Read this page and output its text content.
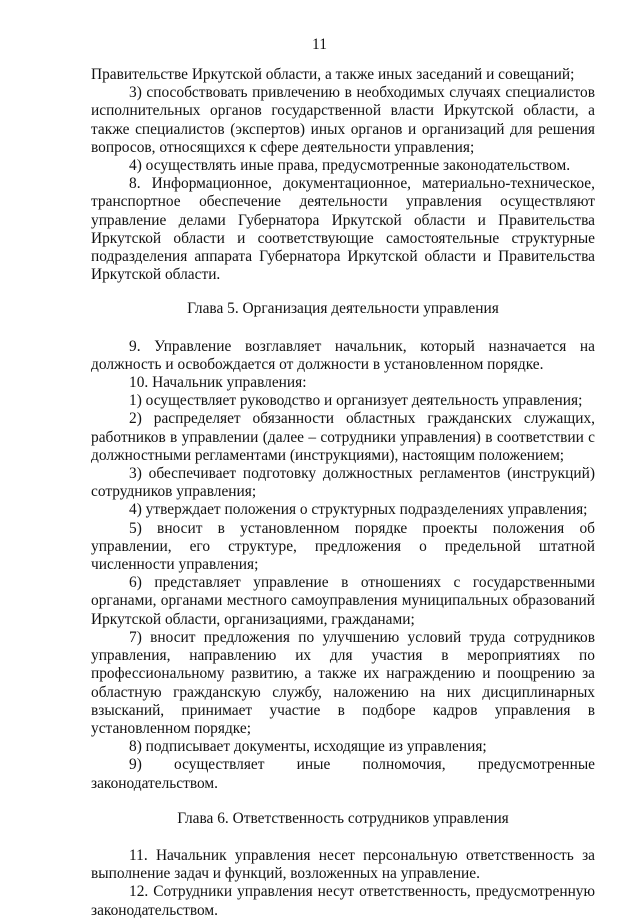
11

Правительстве Иркутской области, а также иных заседаний и совещаний;

3) способствовать привлечению в необходимых случаях специалистов исполнительных органов государственной власти Иркутской области, а также специалистов (экспертов) иных органов и организаций для решения вопросов, относящихся к сфере деятельности управления;

4) осуществлять иные права, предусмотренные законодательством.

8. Информационное, документационное, материально-техническое, транспортное обеспечение деятельности управления осуществляют управление делами Губернатора Иркутской области и Правительства Иркутской области и соответствующие самостоятельные структурные подразделения аппарата Губернатора Иркутской области и Правительства Иркутской области.

Глава 5. Организация деятельности управления

9. Управление возглавляет начальник, который назначается на должность и освобождается от должности в установленном порядке.

10. Начальник управления:

1) осуществляет руководство и организует деятельность управления;

2) распределяет обязанности областных гражданских служащих, работников в управлении (далее – сотрудники управления) в соответствии с должностными регламентами (инструкциями), настоящим положением;

3) обеспечивает подготовку должностных регламентов (инструкций) сотрудников управления;

4) утверждает положения о структурных подразделениях управления;

5) вносит в установленном порядке проекты положения об управлении, его структуре, предложения о предельной штатной численности управления;

6) представляет управление в отношениях с государственными органами, органами местного самоуправления муниципальных образований Иркутской области, организациями, гражданами;

7) вносит предложения по улучшению условий труда сотрудников управления, направлению их для участия в мероприятиях по профессиональному развитию, а также их награждению и поощрению за областную гражданскую службу, наложению на них дисциплинарных взысканий, принимает участие в подборе кадров управления в установленном порядке;

8) подписывает документы, исходящие из управления;

9) осуществляет иные полномочия, предусмотренные законодательством.

Глава 6. Ответственность сотрудников управления

11. Начальник управления несет персональную ответственность за выполнение задач и функций, возложенных на управление.

12. Сотрудники управления несут ответственность, предусмотренную законодательством.
